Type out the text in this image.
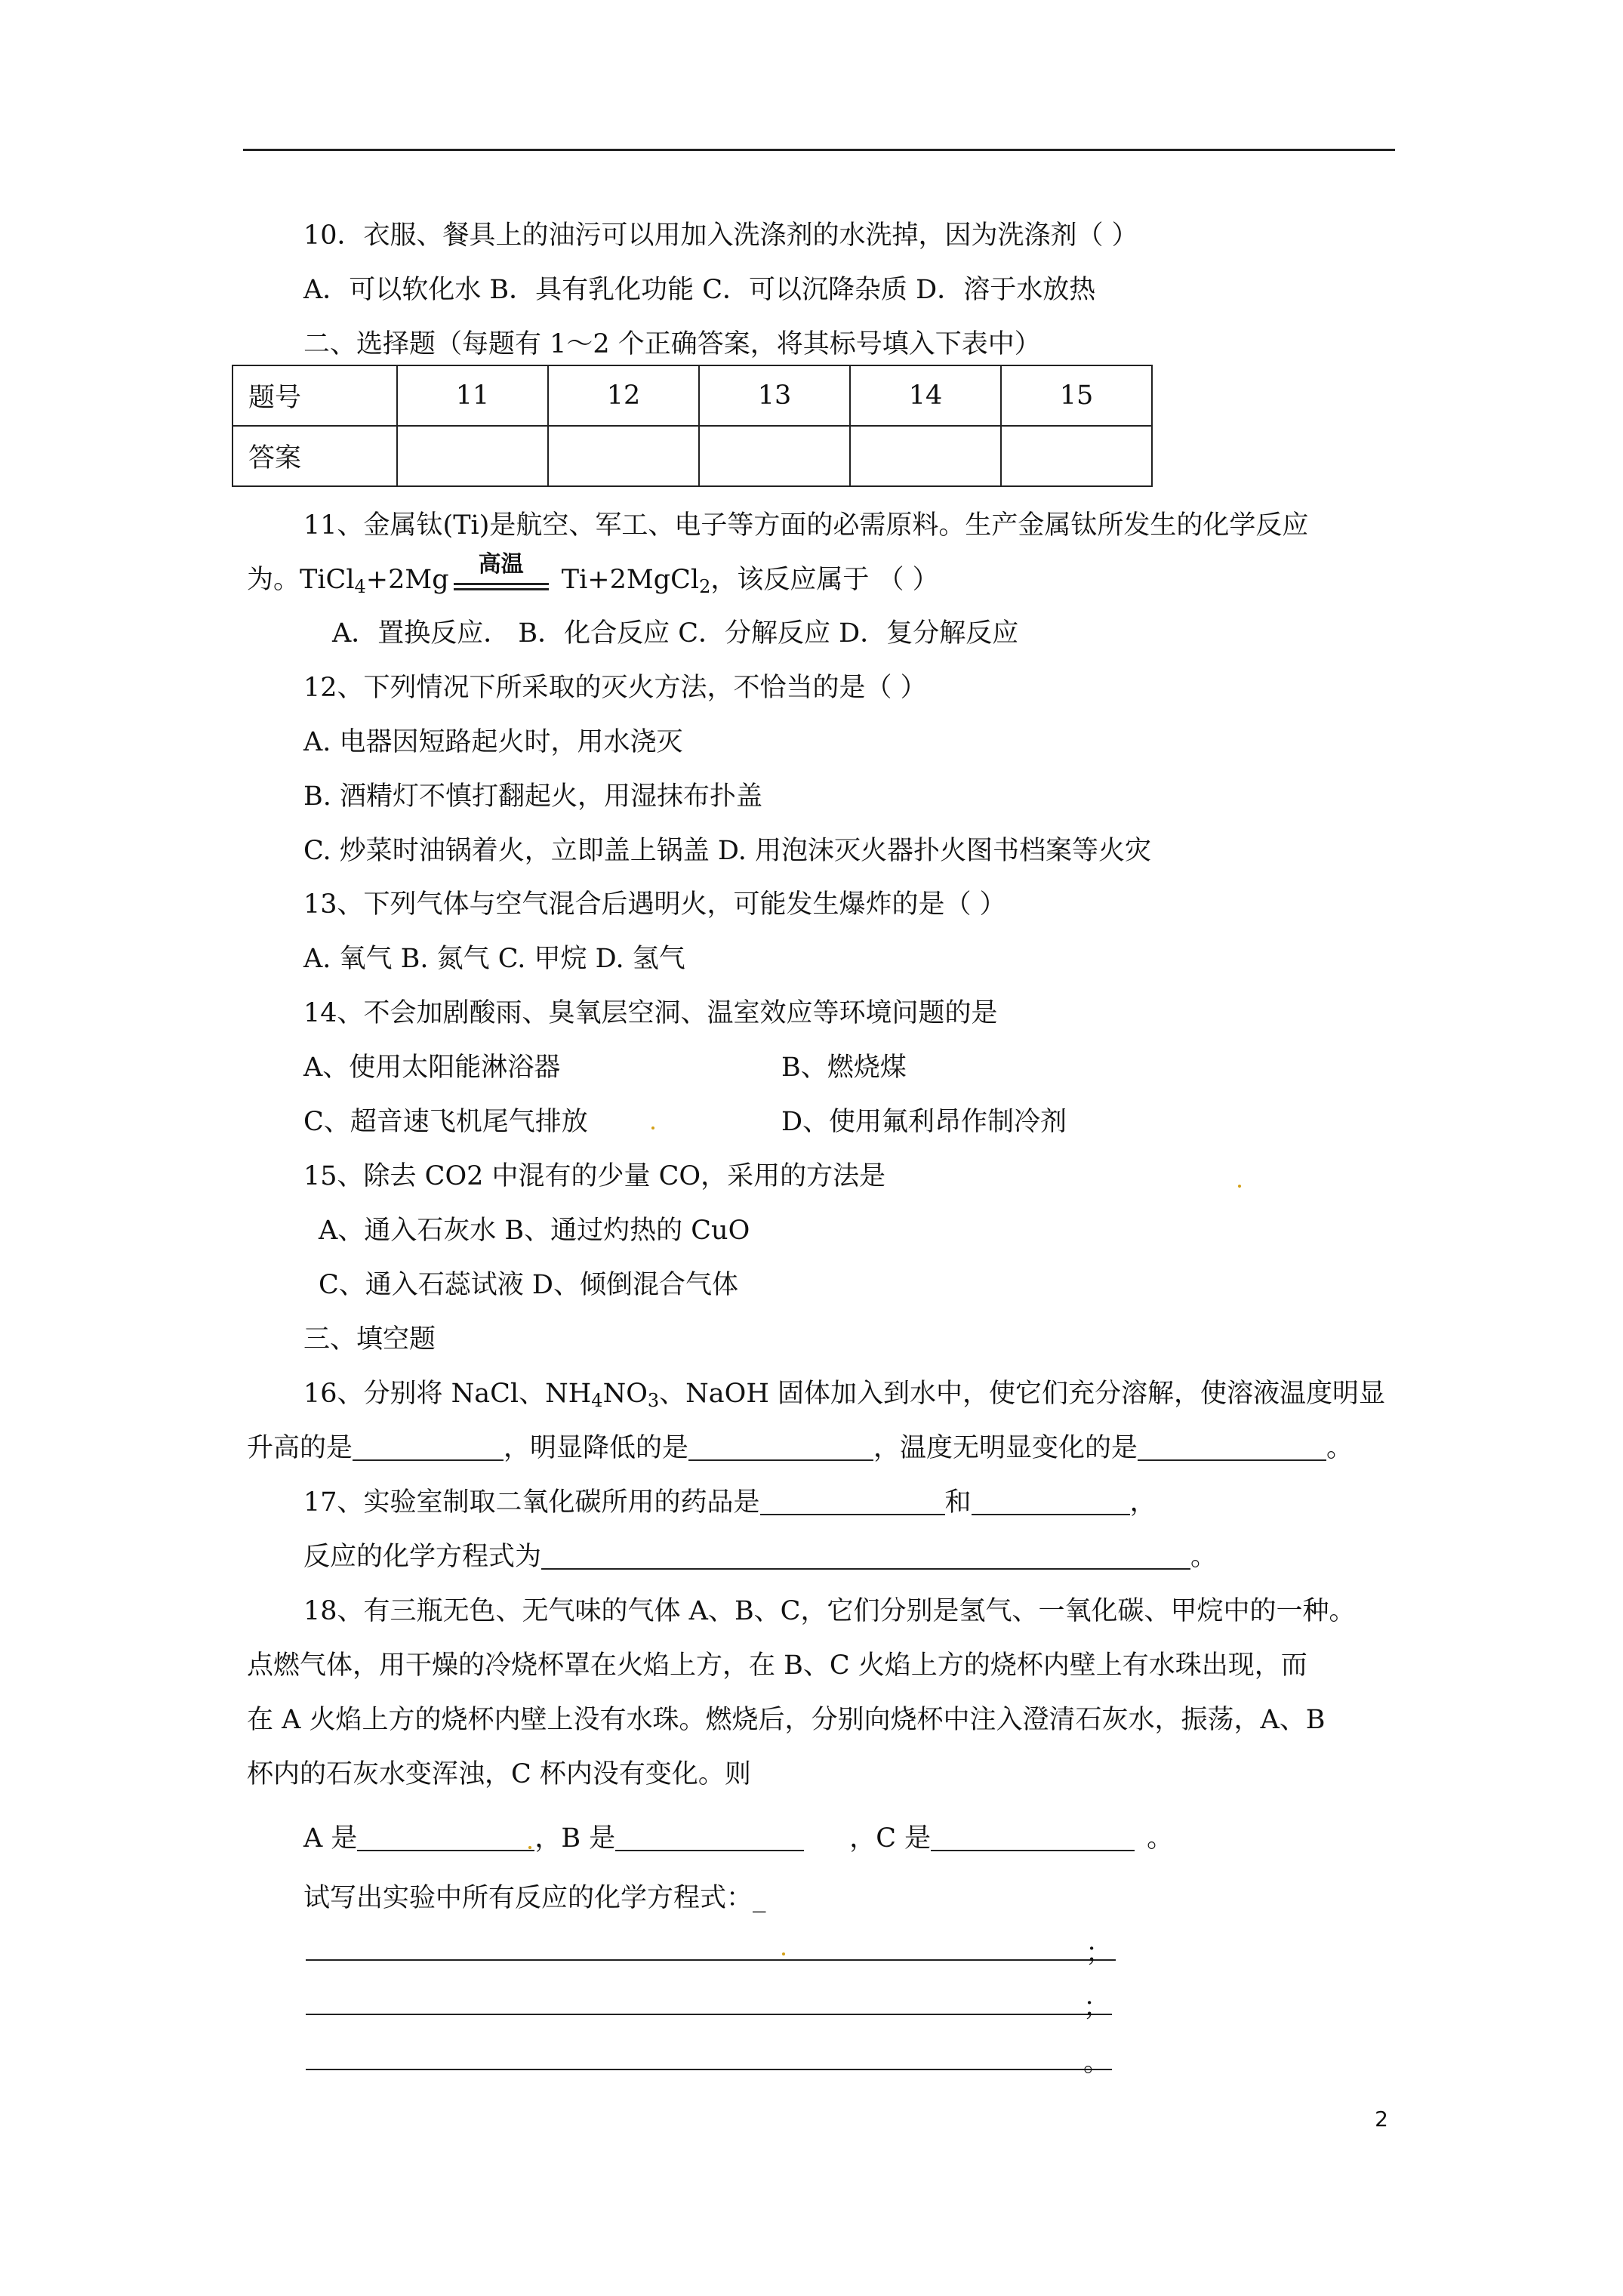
10．衣服、餐具上的油污可以用加入洗涤剂的水洗掉，因为洗涤剂（ ）
A．可以软化水 B．具有乳化功能 C．可以沉降杂质 D．溶于水放热
二、选择题（每题有 1～2 个正确答案，将其标号填入下表中）
题号	11	12	13	14	15
答案					
11、金属钛(Ti)是航空、军工、电子等方面的必需原料。生产金属钛所发生的化学反应
为。TiCl$_4$+2Mg
高温
Ti+2MgCl$_2$，该反应属于 （ ）
A．置换反应． B．化合反应 C．分解反应 D．复分解反应
12、下列情况下所采取的灭火方法，不恰当的是（ ）
A. 电器因短路起火时，用水浇灭
B. 酒精灯不慎打翻起火，用湿抹布扑盖
C. 炒菜时油锅着火，立即盖上锅盖 D. 用泡沫灭火器扑火图书档案等火灾
13、下列气体与空气混合后遇明火，可能发生爆炸的是（ ）
A. 氧气 B. 氮气 C. 甲烷 D. 氢气
14、不会加剧酸雨、臭氧层空洞、温室效应等环境问题的是
A、使用太阳能淋浴器	B、燃烧煤
C、超音速飞机尾气排放	D、使用氟利昂作制冷剂
15、除去 CO2 中混有的少量 CO，采用的方法是
A、通入石灰水 B、通过灼热的 CuO
C、通入石蕊试液 D、倾倒混合气体
三、填空题
16、分别将 NaCl、$NH_4NO_3$、NaOH 固体加入到水中，使它们充分溶解，使溶液温度明显
升高的是	，明显降低的是	，温度无明显变化的是	。
17、实验室制取二氧化碳所用的药品是	和	，
反应的化学方程式为	。
18、有三瓶无色、无气味的气体 A、B、C，它们分别是氢气、一氧化碳、甲烷中的一种。
点燃气体，用干燥的冷烧杯罩在火焰上方，在 B、C 火焰上方的烧杯内壁上有水珠出现，而
在 A 火焰上方的烧杯内壁上没有水珠。燃烧后，分别向烧杯中注入澄清石灰水，振荡，A、B
杯内的石灰水变浑浊，C 杯内没有变化。则
A 是	，B 是	，C 是	。
试写出实验中所有反应的化学方程式：_
；
；
。
2
